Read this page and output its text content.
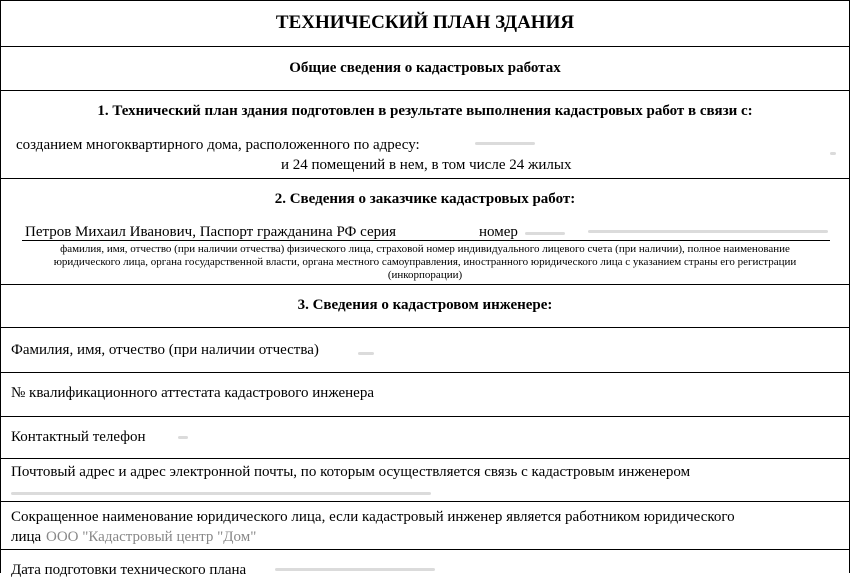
ТЕХНИЧЕСКИЙ ПЛАН ЗДАНИЯ
Общие сведения о кадастровых работах
1. Технический план здания подготовлен в результате выполнения кадастровых работ в связи с:
созданием многоквартирного дома, расположенного по адресу:
и 24 помещений в нем, в том числе 24 жилых
2. Сведения о заказчике кадастровых работ:
Петров Михаил Иванович, Паспорт гражданина РФ серия	номер
фамилия, имя, отчество (при наличии отчества) физического лица, страховой номер индивидуального лицевого счета (при наличии), полное наименование
юридического лица, органа государственной власти, органа местного самоуправления, иностранного юридического лица с указанием страны его регистрации
(инкорпорации)
3. Сведения о кадастровом инженере:
Фамилия, имя, отчество (при наличии отчества)
№ квалификационного аттестата кадастрового инженера
Контактный телефон
Почтовый адрес и адрес электронной почты, по которым осуществляется связь с кадастровым инженером
Сокращенное наименование юридического лица, если кадастровый инженер является работником юридического
лица ООО "Кадастровый центр "Дом"
Дата подготовки технического плана
